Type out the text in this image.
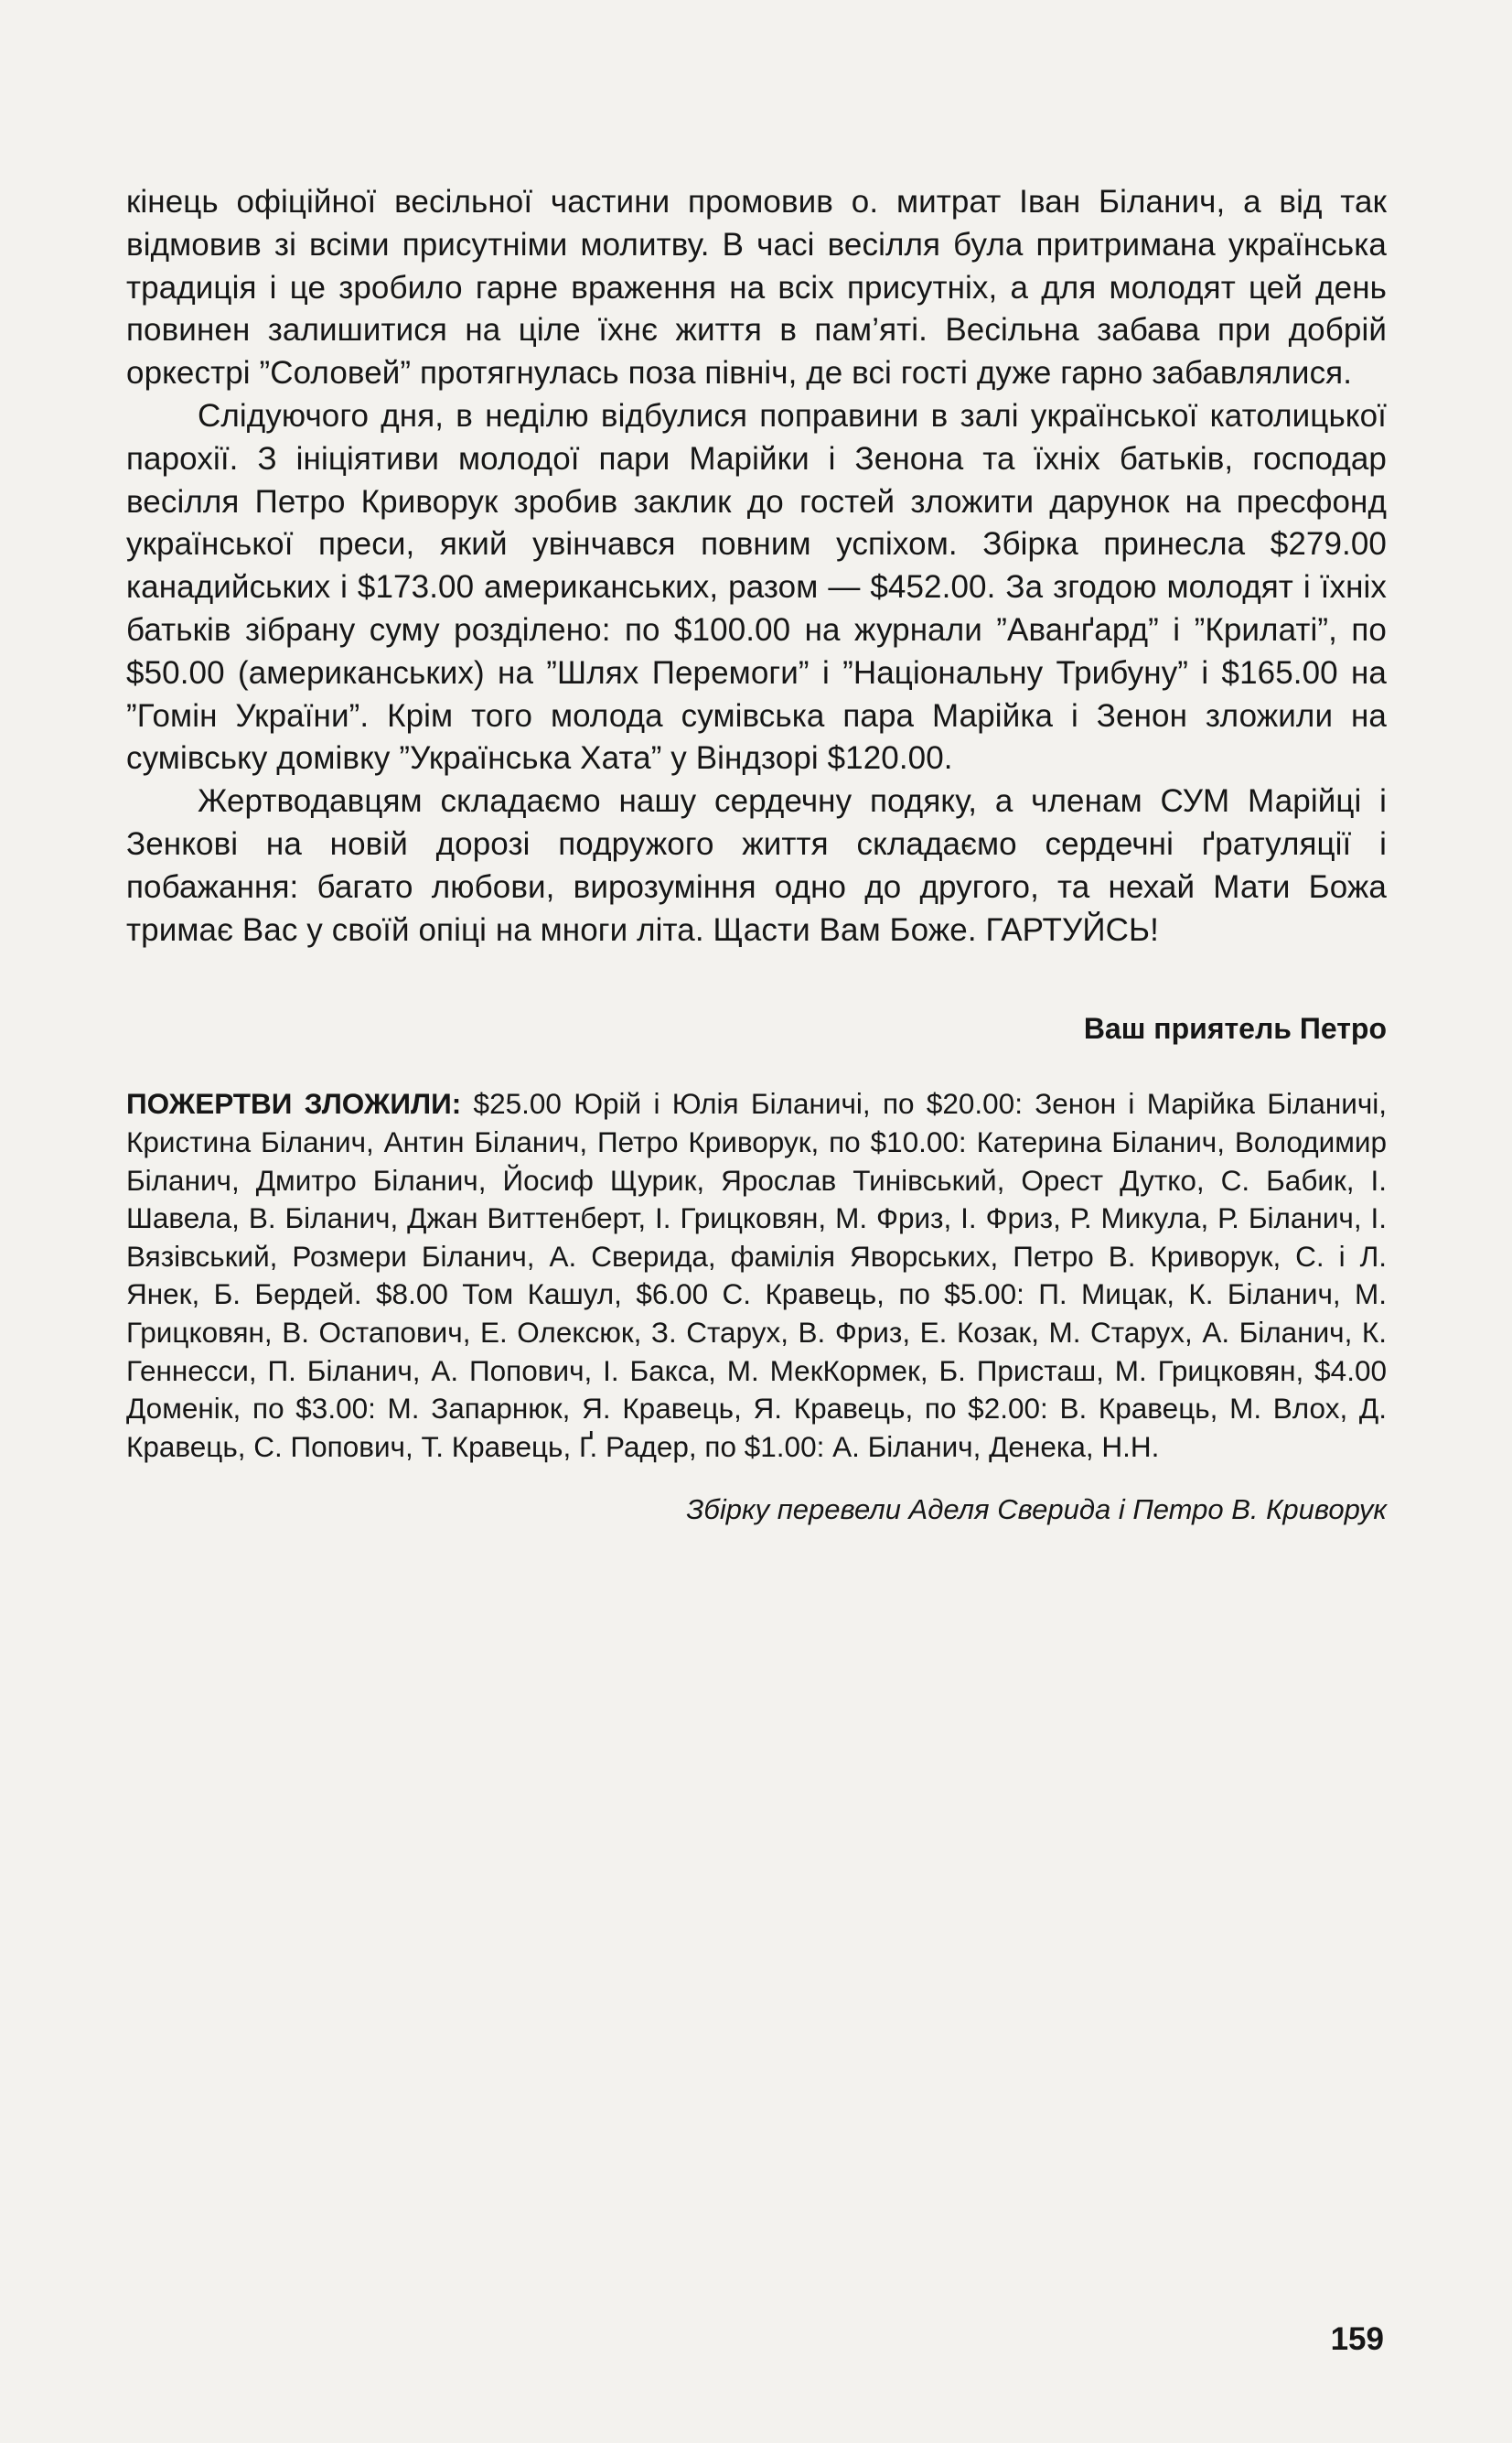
кінець офіційної весільної частини промовив о. митрат Іван Біланич, а від так відмовив зі всіми присутніми молитву. В часі весілля була притримана українська традиція і це зробило гарне враження на всіх присутніх, а для молодят цей день повинен залишитися на ціле їхнє життя в пам’яті. Весільна забава при добрій оркестрі ”Соловей” протягнулась поза північ, де всі гості дуже гарно забавлялися.

Слідуючого дня, в неділю відбулися поправини в залі української католицької парохії. З ініціятиви молодої пари Марійки і Зенона та їхніх батьків, господар весілля Петро Криворук зробив заклик до гостей зложити дарунок на пресфонд української преси, який увінчався повним успіхом. Збірка принесла $279.00 канадийських і $173.00 американських, разом — $452.00. За згодою молодят і їхніх батьків зібрану суму розділено: по $100.00 на журнали ”Аванґард” і ”Крилаті”, по $50.00 (американських) на ”Шлях Перемоги” і ”Національну Трибуну” і $165.00 на ”Гомін України”. Крім того молода сумівська пара Марійка і Зенон зложили на сумівську домівку ”Українська Хата” у Віндзорі $120.00.

Жертводавцям складаємо нашу сердечну подяку, а членам СУМ Марійці і Зенкові на новій дорозі подружого життя складаємо сердечні ґратуляції і побажання: багато любови, вирозуміння одно до другого, та нехай Мати Божа тримає Вас у своїй опіці на многи літа. Щасти Вам Боже. ГАРТУЙСЬ!

Ваш приятель Петро

ПОЖЕРТВИ ЗЛОЖИЛИ: $25.00 Юрій і Юлія Біланичі, по $20.00: Зенон і Марійка Біланичі, Кристина Біланич, Антин Біланич, Петро Криворук, по $10.00: Катерина Біланич, Володимир Біланич, Дмитро Біланич, Йосиф Щурик, Ярослав Тинівський, Орест Дутко, С. Бабик, І. Шавела, В. Біланич, Джан Виттенберт, І. Грицковян, М. Фриз, І. Фриз, Р. Микула, Р. Біланич, І. Вязівський, Розмери Біланич, А. Сверида, фамілія Яворських, Петро В. Криворук, С. і Л. Янек, Б. Бердей. $8.00 Том Кашул, $6.00 С. Кравець, по $5.00: П. Мицак, К. Біланич, М. Грицковян, В. Остапович, Е. Олексюк, З. Старух, В. Фриз, Е. Козак, М. Старух, А. Біланич, К. Геннесси, П. Біланич, А. Попович, І. Бакса, М. МекКормек, Б. Присташ, М. Грицковян, $4.00 Доменік, по $3.00: М. Запарнюк, Я. Кравець, Я. Кравець, по $2.00: В. Кравець, М. Влох, Д. Кравець, С. Попович, Т. Кравець, Ґ. Радер, по $1.00: А. Біланич, Денека, Н.Н.

Збірку перевели Аделя Сверида і Петро В. Криворук

159
